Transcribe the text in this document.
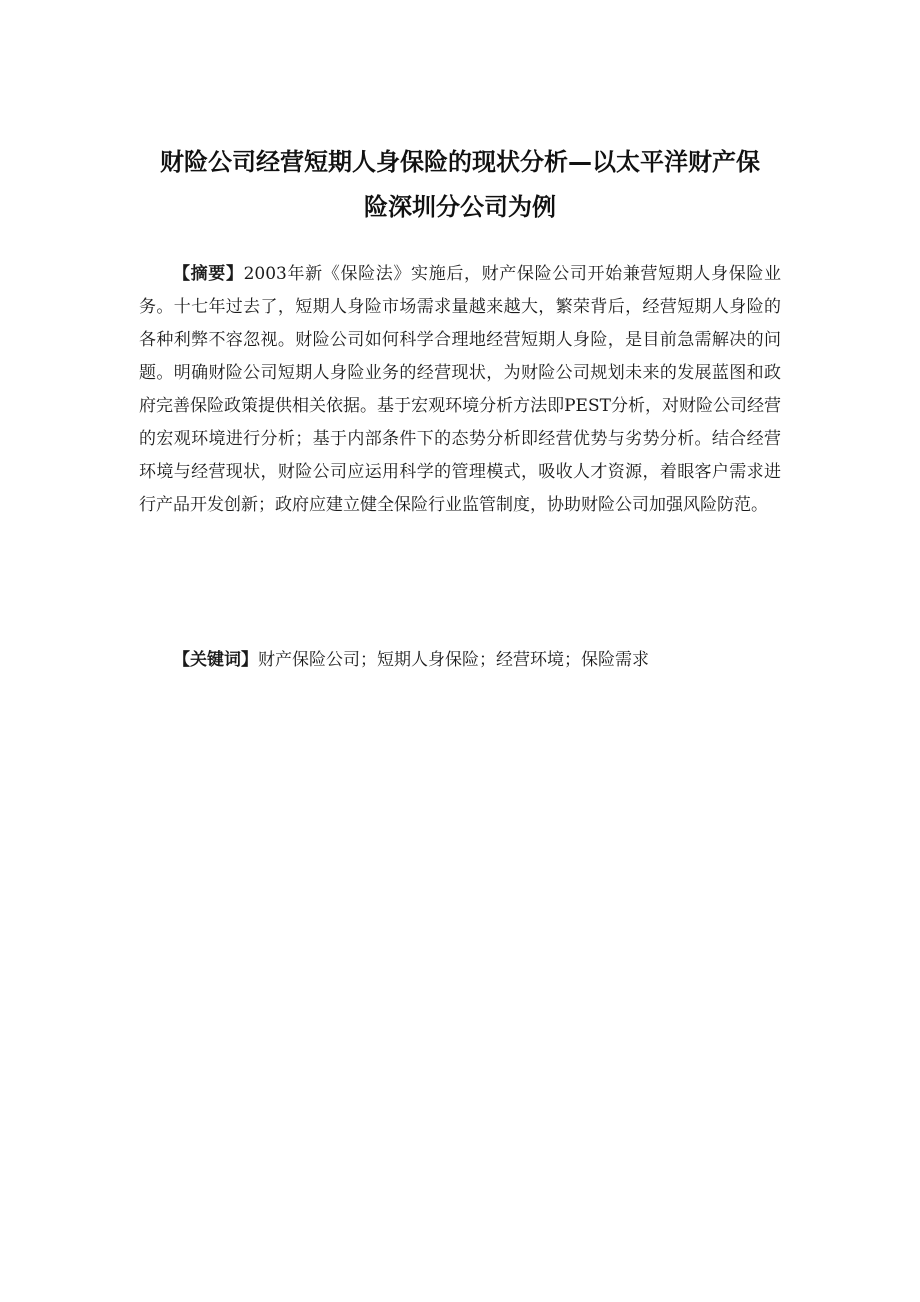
财险公司经营短期人身保险的现状分析—以太平洋财产保
险深圳分公司为例

【摘要】2003年新《保险法》实施后，财产保险公司开始兼营短期人身保险业务。十七年过去了，短期人身险市场需求量越来越大，繁荣背后，经营短期人身险的各种利弊不容忽视。财险公司如何科学合理地经营短期人身险，是目前急需解决的问题。明确财险公司短期人身险业务的经营现状，为财险公司规划未来的发展蓝图和政府完善保险政策提供相关依据。基于宏观环境分析方法即PEST分析，对财险公司经营的宏观环境进行分析；基于内部条件下的态势分析即经营优势与劣势分析。结合经营环境与经营现状，财险公司应运用科学的管理模式，吸收人才资源，着眼客户需求进行产品开发创新；政府应建立健全保险行业监管制度，协助财险公司加强风险防范。

【关键词】财产保险公司；短期人身保险；经营环境；保险需求
